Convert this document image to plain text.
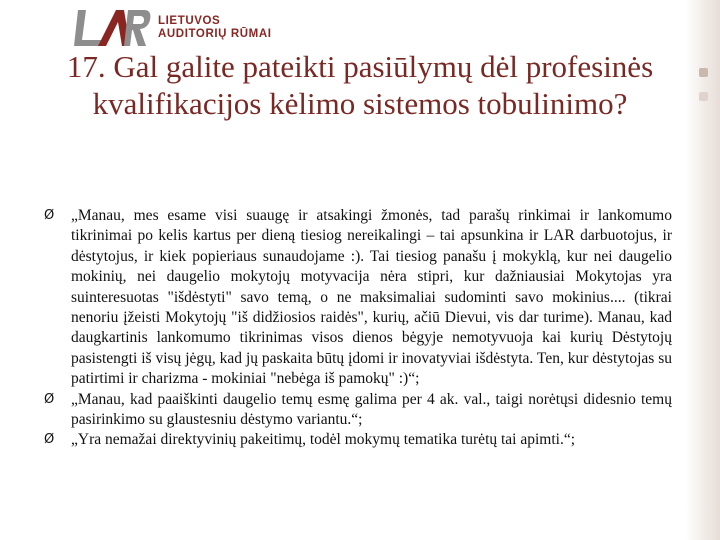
LIETUVOS
AUDITORIŲ RŪMAI
17. Gal galite pateikti pasiūlymų dėl profesinės kvalifikacijos kėlimo sistemos tobulinimo?
Ø „Manau, mes esame visi suaugę ir atsakingi žmonės, tad parašų rinkimai ir lankomumo tikrinimai po kelis kartus per dieną tiesiog nereikalingi – tai apsunkina ir LAR darbuotojus, ir dėstytojus, ir kiek popieriaus sunaudojame :). Tai tiesiog panašu į mokyklą, kur nei daugelio mokinių, nei daugelio mokytojų motyvacija nėra stipri, kur dažniausiai Mokytojas yra suinteresuotas "išdėstyti" savo temą, o ne maksimaliai sudominti savo mokinius.... (tikrai nenoriu įžeisti Mokytojų "iš didžiosios raidės", kurių, ačiū Dievui, vis dar turime). Manau, kad daugkartinis lankomumo tikrinimas visos dienos bėgyje nemotyvuoja kai kurių Dėstytojų pasistengti iš visų jėgų, kad jų paskaita būtų įdomi ir inovatyviai išdėstyta. Ten, kur dėstytojas su patirtimi ir charizma - mokiniai "nebėga iš pamokų" :)“;
Ø „Manau, kad paaiškinti daugelio temų esmę galima per 4 ak. val., taigi norėtųsi didesnio temų pasirinkimo su glaustesniu dėstymo variantu.“;
Ø „Yra nemažai direktyvinių pakeitimų, todėl mokymų tematika turėtų tai apimti.“;
